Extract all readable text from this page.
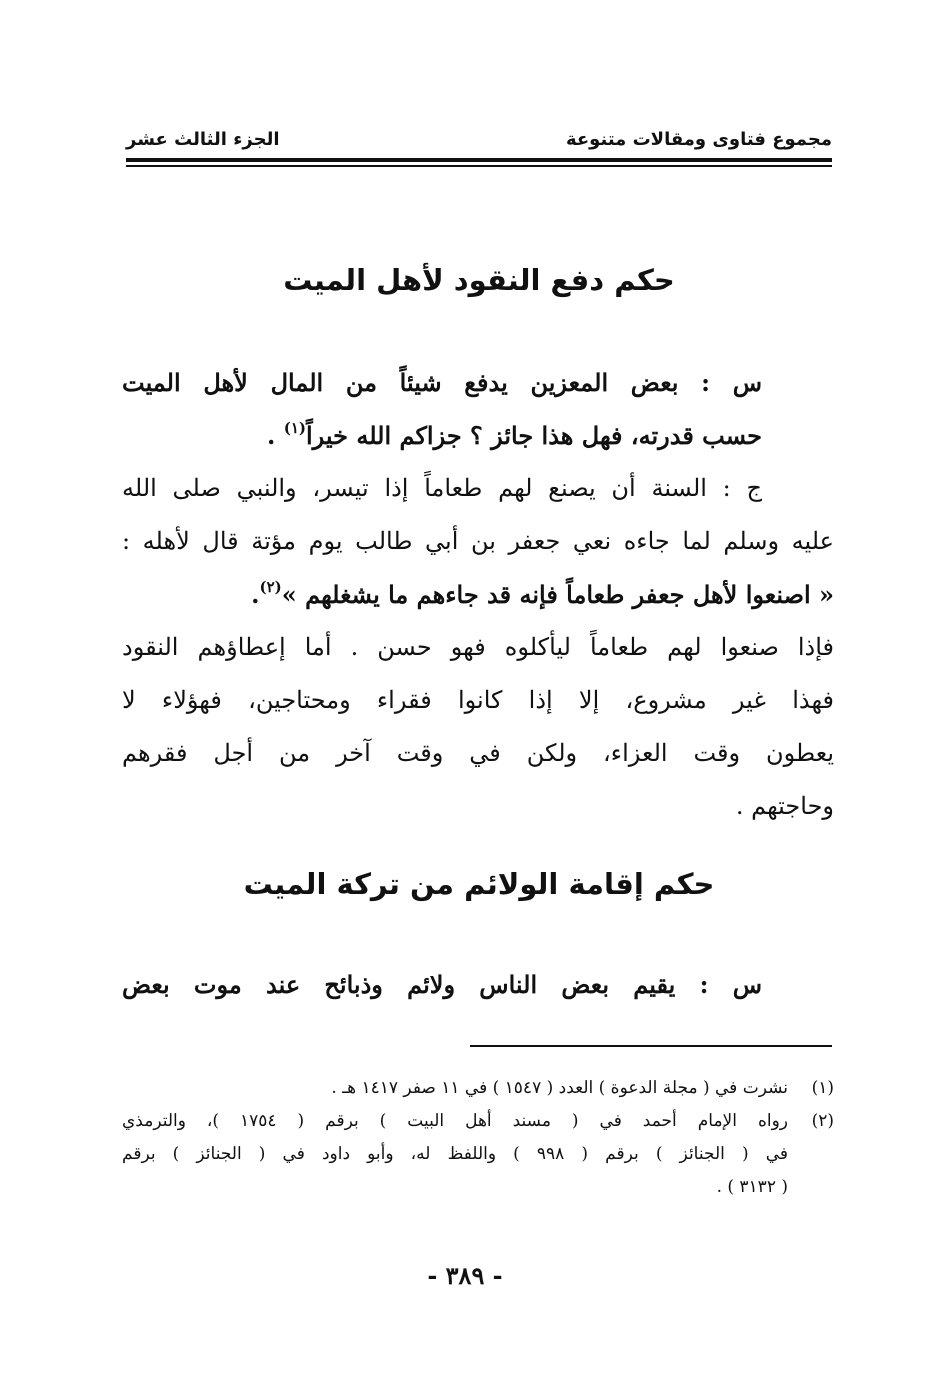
مجموع فتاوى ومقالات متنوعة
الجزء الثالث عشر
حكم دفع النقود لأهل الميت
س : بعض المعزين يدفع شيئاً من المال لأهل الميت
حسب قدرته، فهل هذا جائز ؟ جزاكم الله خيراً$^{(١)}$ .
ج : السنة أن يصنع لهم طعاماً إذا تيسر، والنبي صلى الله
عليه وسلم لما جاءه نعي جعفر بن أبي طالب يوم مؤتة قال لأهله :
« اصنعوا لأهل جعفر طعاماً فإنه قد جاءهم ما يشغلهم »$^{(٢)}$.
فإذا صنعوا لهم طعاماً ليأكلوه فهو حسن . أما إعطاؤهم النقود
فهذا غير مشروع، إلا إذا كانوا فقراء ومحتاجين، فهؤلاء لا
يعطون وقت العزاء، ولكن في وقت آخر من أجل فقرهم
وحاجتهم .
حكم إقامة الولائم من تركة الميت
س : يقيم بعض الناس ولائم وذبائح عند موت بعض
(١)نشرت في ( مجلة الدعوة ) العدد ( ١٥٤٧ ) في ١١ صفر ١٤١٧ هـ .
(٢)رواه الإمام أحمد في ( مسند أهل البيت ) برقم ( ١٧٥٤ )، والترمذي
في ( الجنائز ) برقم ( ٩٩٨ ) واللفظ له، وأبو داود في ( الجنائز ) برقم
( ٣١٣٢ ) .
- ٣٨٩ -
